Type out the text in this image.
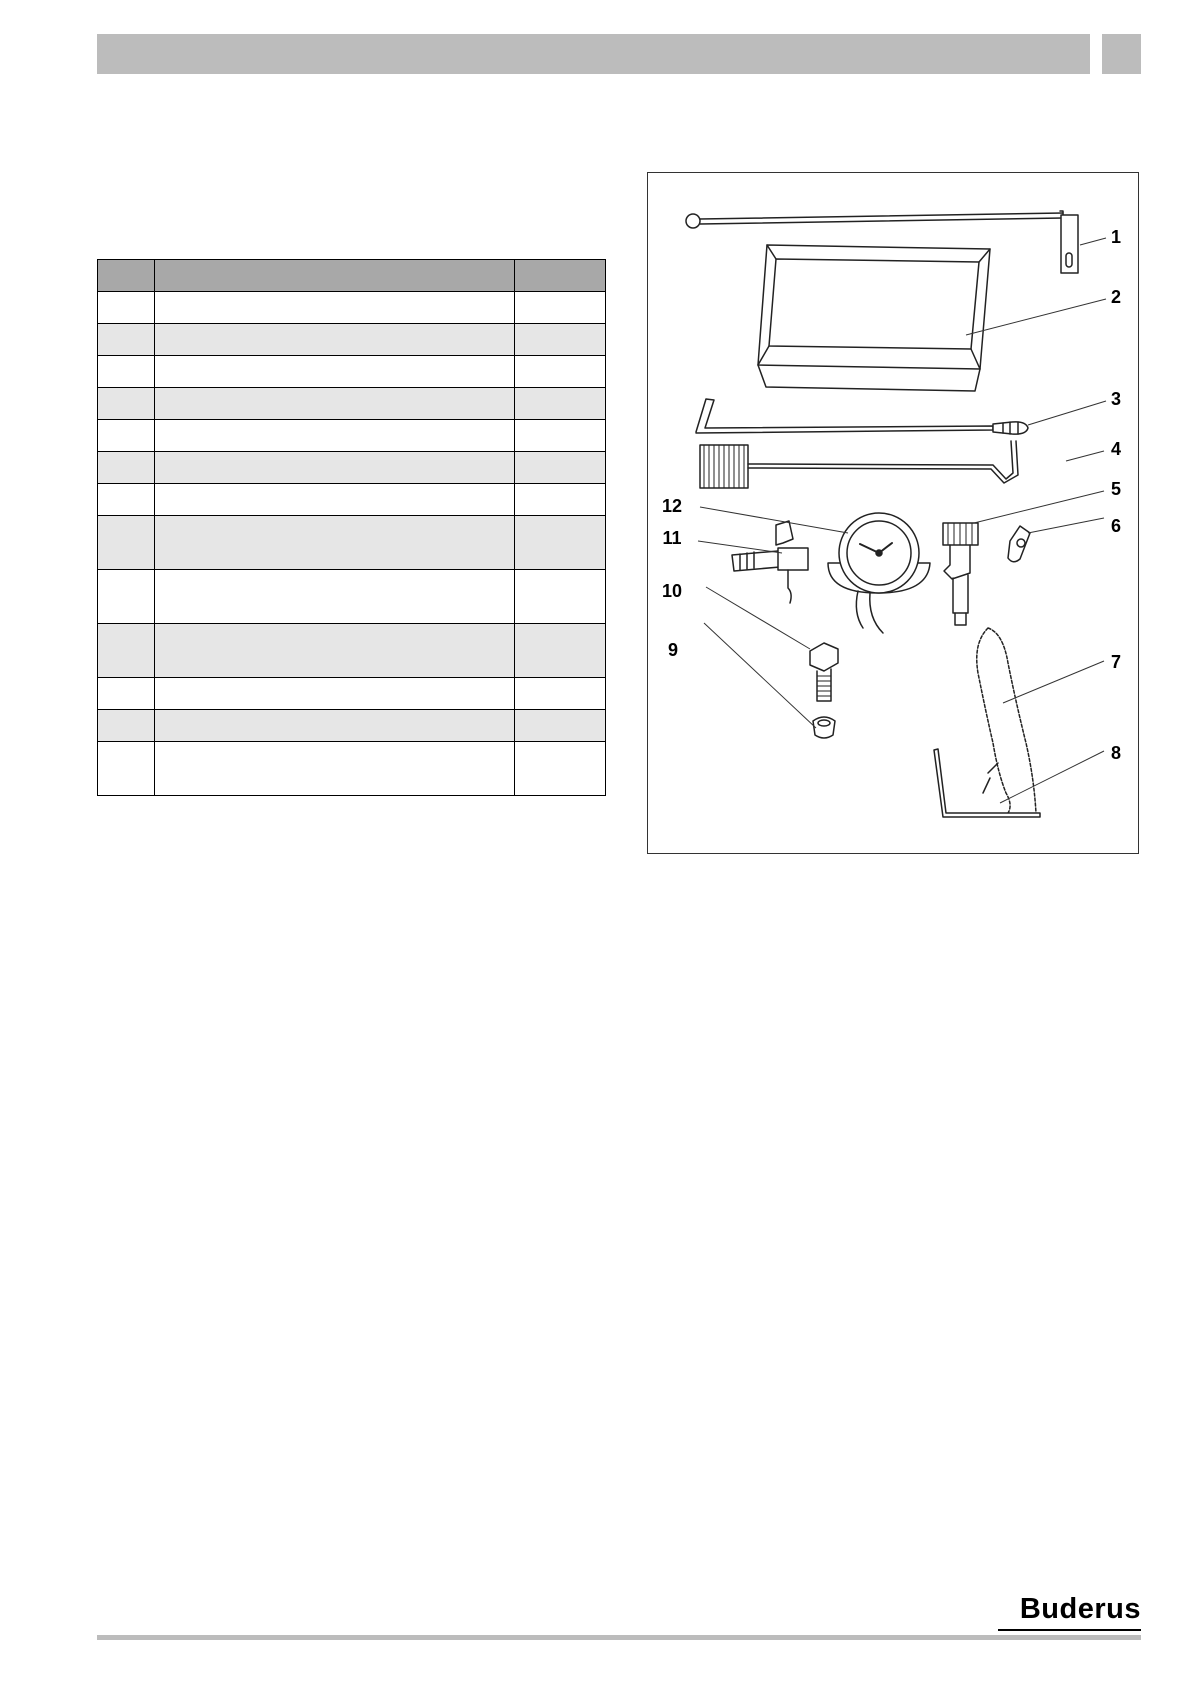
1
2
3
4
5
6
7
8
9
10
11
12
Buderus
